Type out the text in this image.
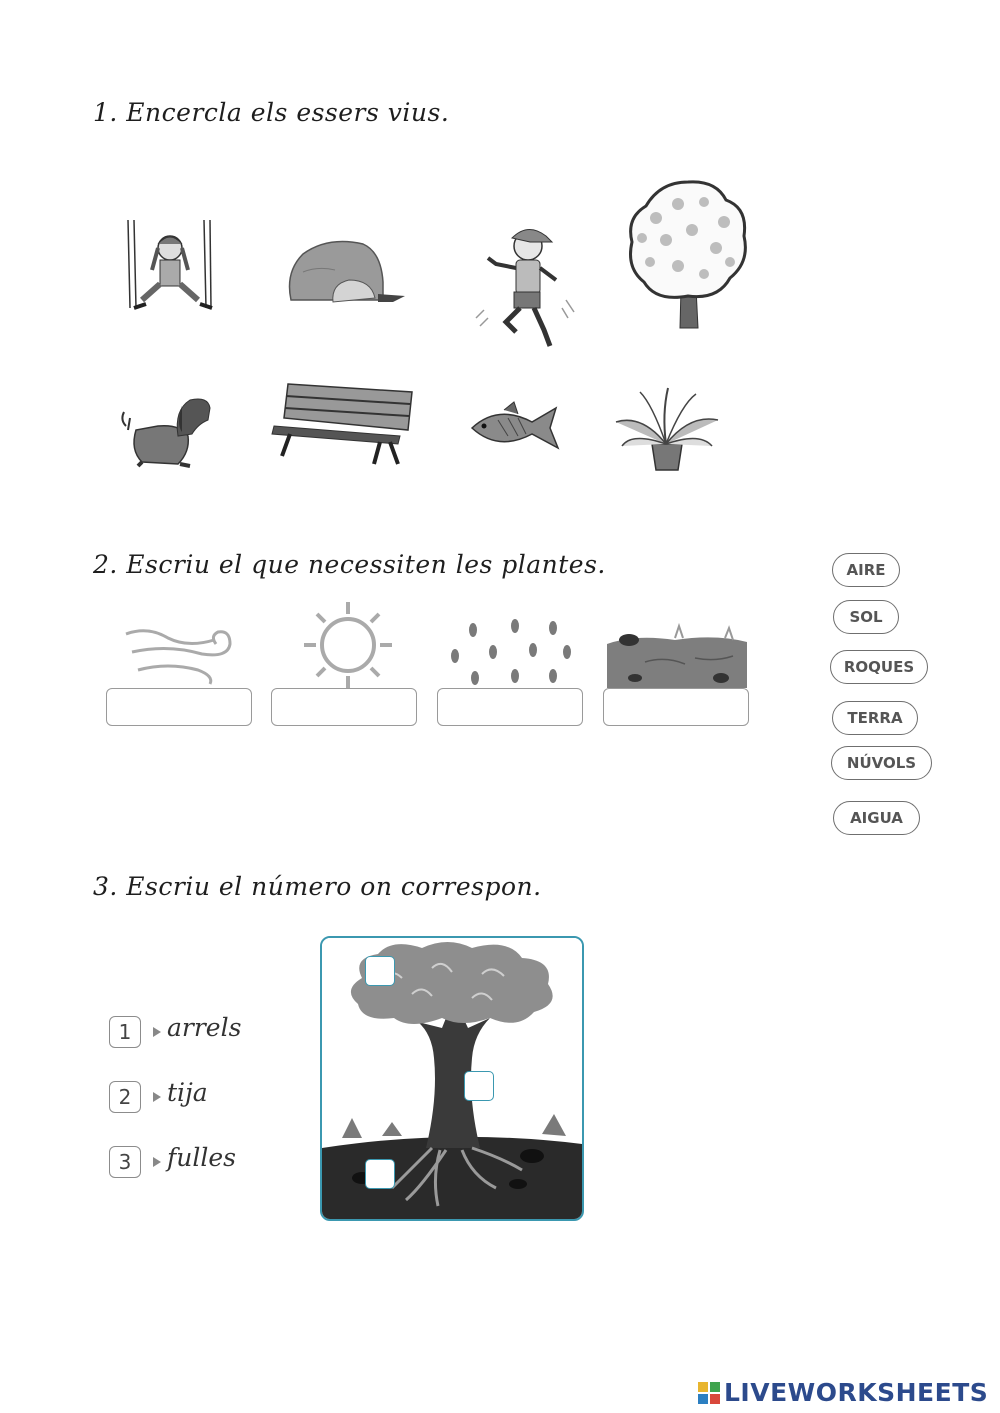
1. Encercla els essers vius.
2. Escriu el que necessiten les plantes.	AIRE
SOL
ROQUES
TERRA
NÚVOLS
AIGUA
3. Escriu el número on correspon.
1	arrels
2	tija
3	fulles
LIVEWORKSHEETS
